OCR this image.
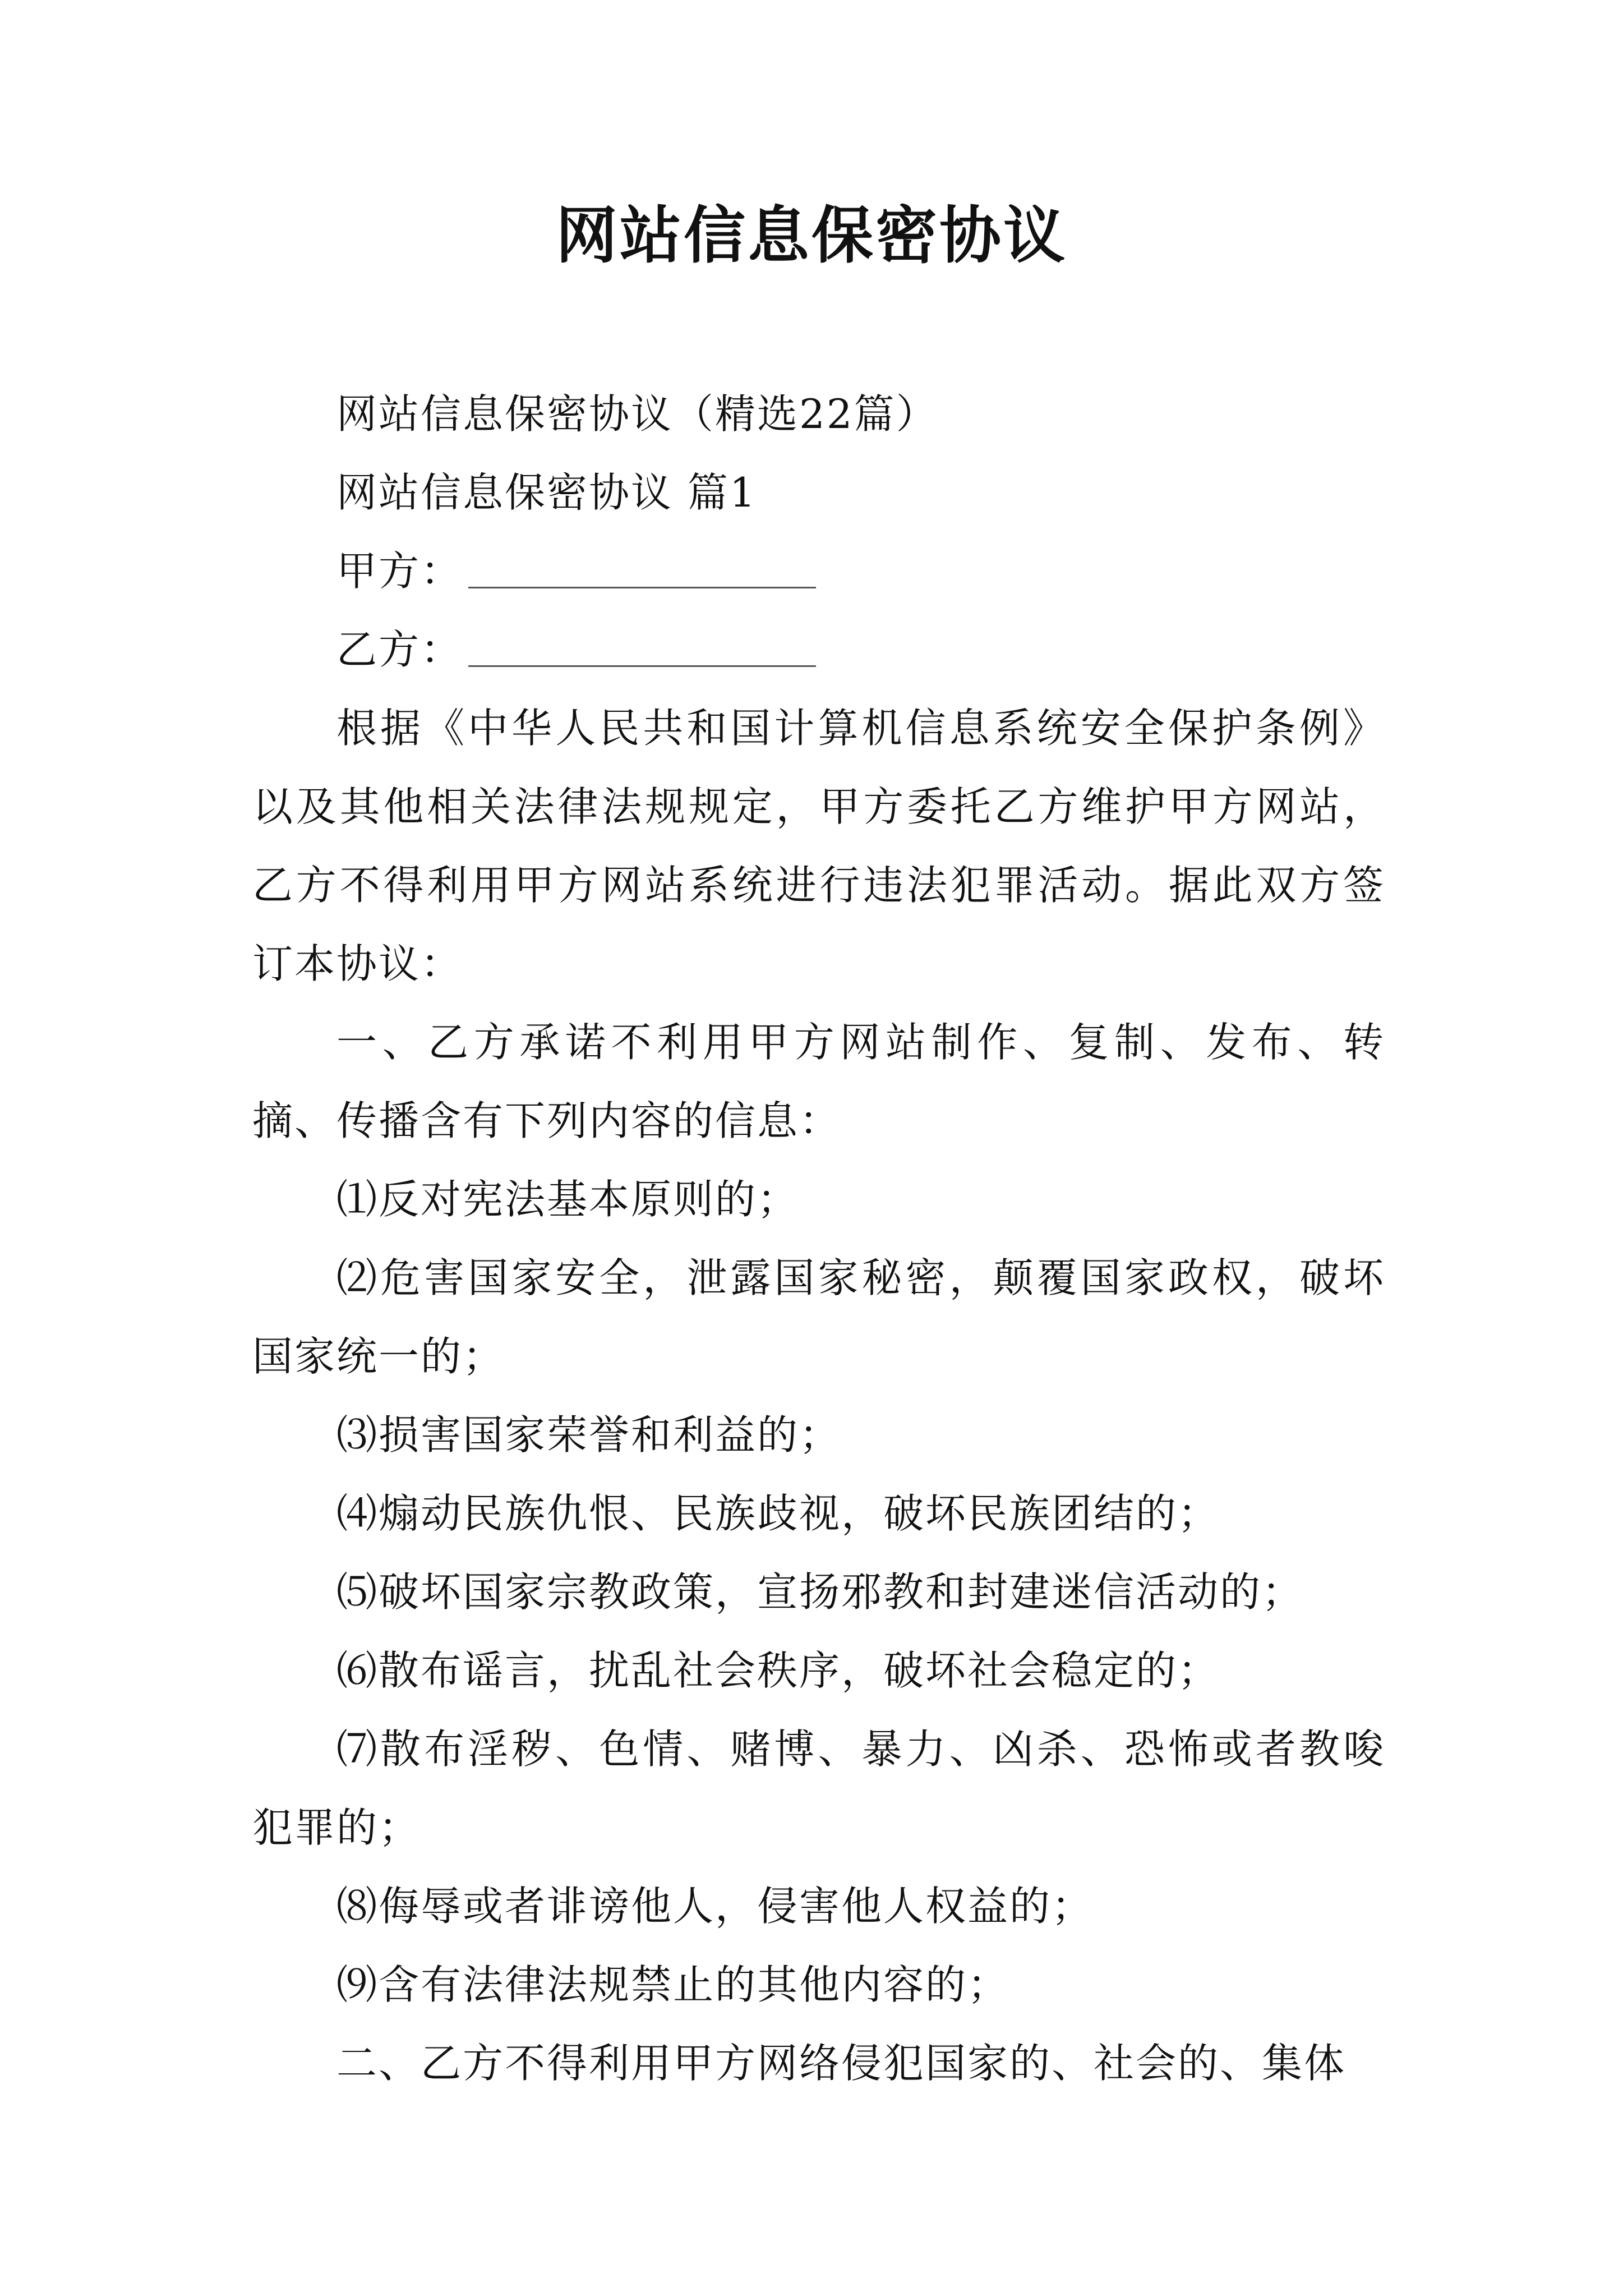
网站信息保密协议

网站信息保密协议（精选22篇）

网站信息保密协议 篇1

甲方：

乙方：

根据《中华人民共和国计算机信息系统安全保护条例》以及其他相关法律法规规定，甲方委托乙方维护甲方网站，乙方不得利用甲方网站系统进行违法犯罪活动。据此双方签订本协议：

一、乙方承诺不利用甲方网站制作、复制、发布、转摘、传播含有下列内容的信息：

⑴反对宪法基本原则的；

⑵危害国家安全，泄露国家秘密，颠覆国家政权，破坏国家统一的；

⑶损害国家荣誉和利益的；

⑷煽动民族仇恨、民族歧视，破坏民族团结的；

⑸破坏国家宗教政策，宣扬邪教和封建迷信活动的；

⑹散布谣言，扰乱社会秩序，破坏社会稳定的；

⑺散布淫秽、色情、赌博、暴力、凶杀、恐怖或者教唆犯罪的；

⑻侮辱或者诽谤他人，侵害他人权益的；

⑼含有法律法规禁止的其他内容的；

二、乙方不得利用甲方网络侵犯国家的、社会的、集体
